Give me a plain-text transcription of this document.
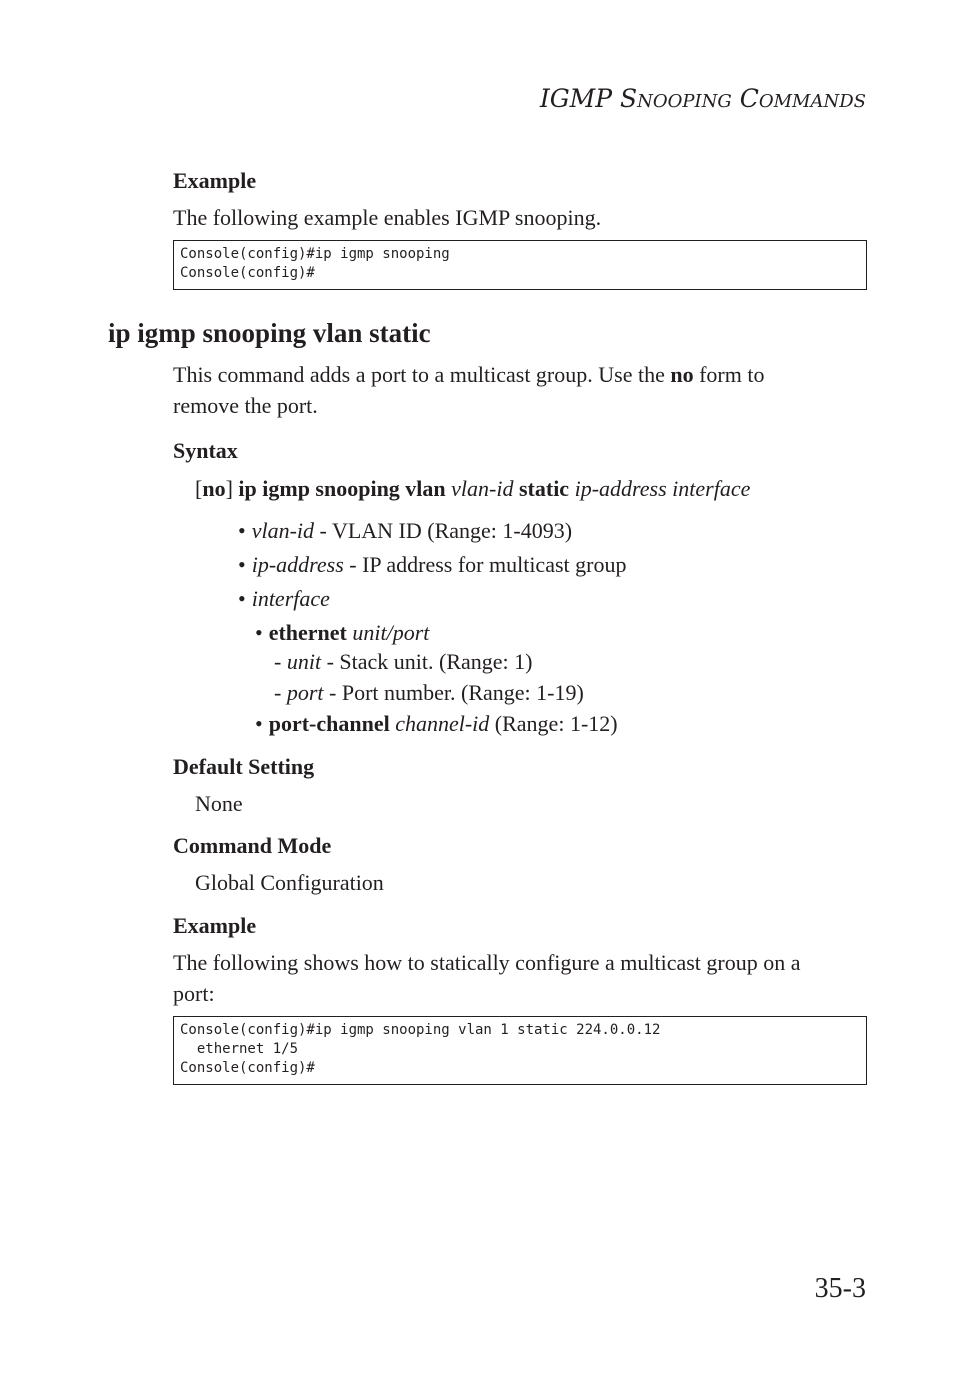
IGMP SNOOPING COMMANDS
Example
The following example enables IGMP snooping.
Console(config)#ip igmp snooping
Console(config)#
ip igmp snooping vlan static
This command adds a port to a multicast group. Use the no form to
remove the port.
Syntax
[no] ip igmp snooping vlan vlan-id static ip-address interface
• vlan-id - VLAN ID (Range: 1-4093)
• ip-address - IP address for multicast group
• interface
• ethernet unit/port
- unit - Stack unit. (Range: 1)
- port - Port number. (Range: 1-19)
• port-channel channel-id (Range: 1-12)
Default Setting
None
Command Mode
Global Configuration
Example
The following shows how to statically configure a multicast group on a
port:
Console(config)#ip igmp snooping vlan 1 static 224.0.0.12
ethernet 1/5
Console(config)#
35-3
